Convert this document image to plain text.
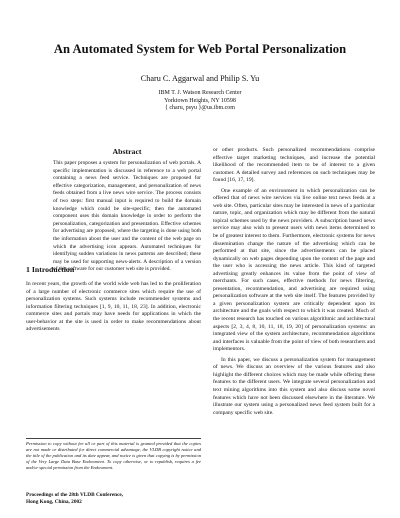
An Automated System for Web Portal Personalization
Charu C. Aggarwal and Philip S. Yu
IBM T. J. Watson Research Center
Yorktown Heights, NY 10598
{ charu, psyu }@us.ibm.com
Abstract
This paper proposes a system for personalization of web portals. A specific implementation is discussed in reference to a web portal containing a news feed service. Techniques are proposed for effective categorization, management, and personalization of news feeds obtained from a live news wire service. The process consists of two steps: first manual input is required to build the domain knowledge which could be site-specific; then the automated component uses this domain knowledge in order to perform the personalization, categorization and presentation. Effective schemes for advertising are proposed, where the targeting is done using both the information about the user and the content of the web page on which the advertising icon appears. Automated techniques for identifying sudden variations in news patterns are described; these may be used for supporting news-alerts. A description of a version of this software for our customer web site is provided.
1 Introduction
In recent years, the growth of the world wide web has led to the proliferation of a large number of electronic commerce sites which require the use of personalization systems. Such systems include recommender systems and information filtering techniques [1, 9, 10, 11, 18, 23]. In addition, electronic commerce sites and portals may have needs for applications in which the user-behavior at the site is used in order to make recommendations about advertisements
Permission to copy without fee all or part of this material is granted provided that the copies are not made or distributed for direct commercial advantage, the VLDB copyright notice and the title of the publication and its date appear, and notice is given that copying is by permission of the Very Large Data Base Endowment. To copy otherwise, or to republish, requires a fee and/or special permission from the Endowment.
Proceedings of the 28th VLDB Conference,
Hong Kong, China, 2002

or other products. Such personalized recommendations comprise effective target marketing techniques, and increase the potential likelihood of the recommended item to be of interest to a given customer. A detailed survey and references on such techniques may be found [16, 17, 19].

One example of an environment in which personalization can be offered that of news wire services via live online text news feeds at a web site. Often, particular sites may be interested in news of a particular nature, topic, and organization which may be different from the natural topical schemes used by the news providers. A subscription based news service may also wish to present users with news items determined to be of greatest interest to them. Furthermore, electronic systems for news dissemination change the nature of the advertising which can be performed at that site, since the advertisements can be placed dynamically on web pages depending upon the content of the page and the user who is accessing the news article. This kind of targeted advertising greatly enhances its value from the point of view of merchants. For such cases, effective methods for news filtering, presentation, recommendation, and advertising are required using personalization software at the web site itself. The features provided by a given personalization system are critically dependent upon its architecture and the goals with respect to which it was created. Much of the recent research has touched on various algorithmic and architectural aspects [2, 3, 4, 8, 10, 11, 18, 19, 20] of personalization systems: an integrated view of the system architecture, recommendation algorithms and interfaces is valuable from the point of view of both researchers and implementors.

In this paper, we discuss a personalization system for management of news. We discuss an overview of the various features and also highlight the different choices which may be made while offering these features to the different users. We integrate several personalization and text mining algorithms into this system and also discuss some novel features which have not been discussed elsewhere in the literature. We illustrate our system using a personalized news feed system built for a company specific web site.
